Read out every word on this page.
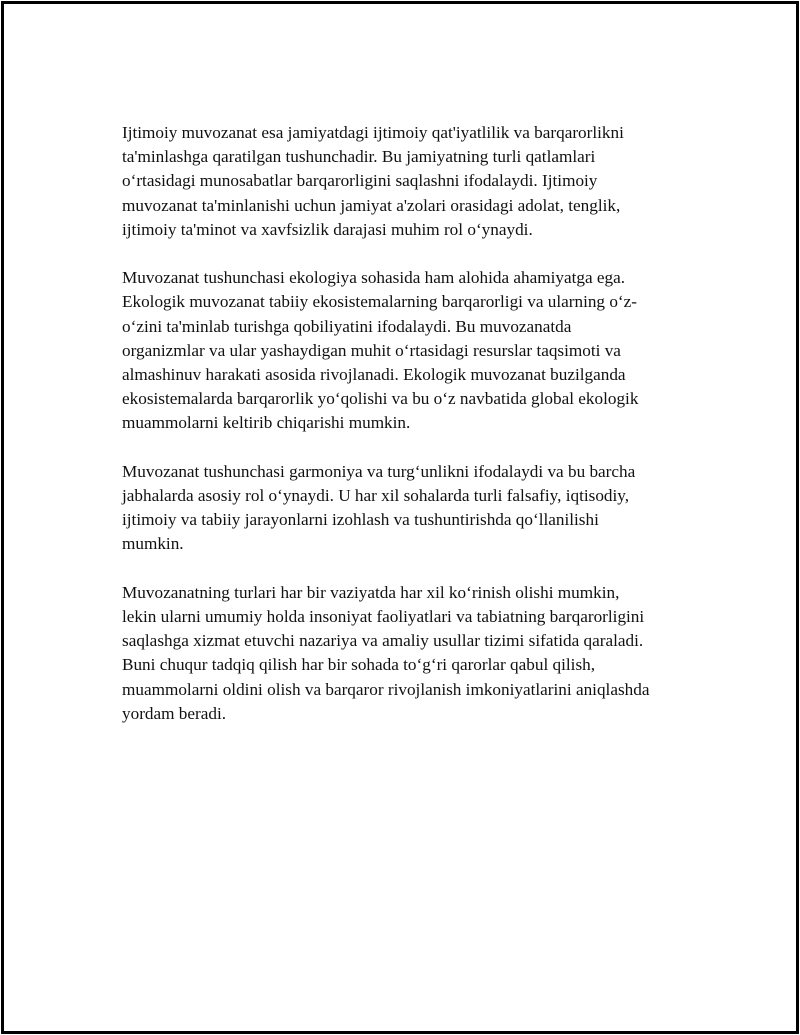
Ijtimoiy muvozanat esa jamiyatdagi ijtimoiy qat'iyatlilik va barqarorlikni
ta'minlashga qaratilgan tushunchadir. Bu jamiyatning turli qatlamlari
o‘rtasidagi munosabatlar barqarorligini saqlashni ifodalaydi. Ijtimoiy
muvozanat ta'minlanishi uchun jamiyat a'zolari orasidagi adolat, tenglik,
ijtimoiy ta'minot va xavfsizlik darajasi muhim rol o‘ynaydi.

Muvozanat tushunchasi ekologiya sohasida ham alohida ahamiyatga ega.
Ekologik muvozanat tabiiy ekosistemalarning barqarorligi va ularning o‘z-
o‘zini ta'minlab turishga qobiliyatini ifodalaydi. Bu muvozanatda
organizmlar va ular yashaydigan muhit o‘rtasidagi resurslar taqsimoti va
almashinuv harakati asosida rivojlanadi. Ekologik muvozanat buzilganda
ekosistemalarda barqarorlik yo‘qolishi va bu o‘z navbatida global ekologik
muammolarni keltirib chiqarishi mumkin.

Muvozanat tushunchasi garmoniya va turg‘unlikni ifodalaydi va bu barcha
jabhalarda asosiy rol o‘ynaydi. U har xil sohalarda turli falsafiy, iqtisodiy,
ijtimoiy va tabiiy jarayonlarni izohlash va tushuntirishda qo‘llanilishi
mumkin.

Muvozanatning turlari har bir vaziyatda har xil ko‘rinish olishi mumkin,
lekin ularni umumiy holda insoniyat faoliyatlari va tabiatning barqarorligini
saqlashga xizmat etuvchi nazariya va amaliy usullar tizimi sifatida qaraladi.
Buni chuqur tadqiq qilish har bir sohada to‘g‘ri qarorlar qabul qilish,
muammolarni oldini olish va barqaror rivojlanish imkoniyatlarini aniqlashda
yordam beradi.
